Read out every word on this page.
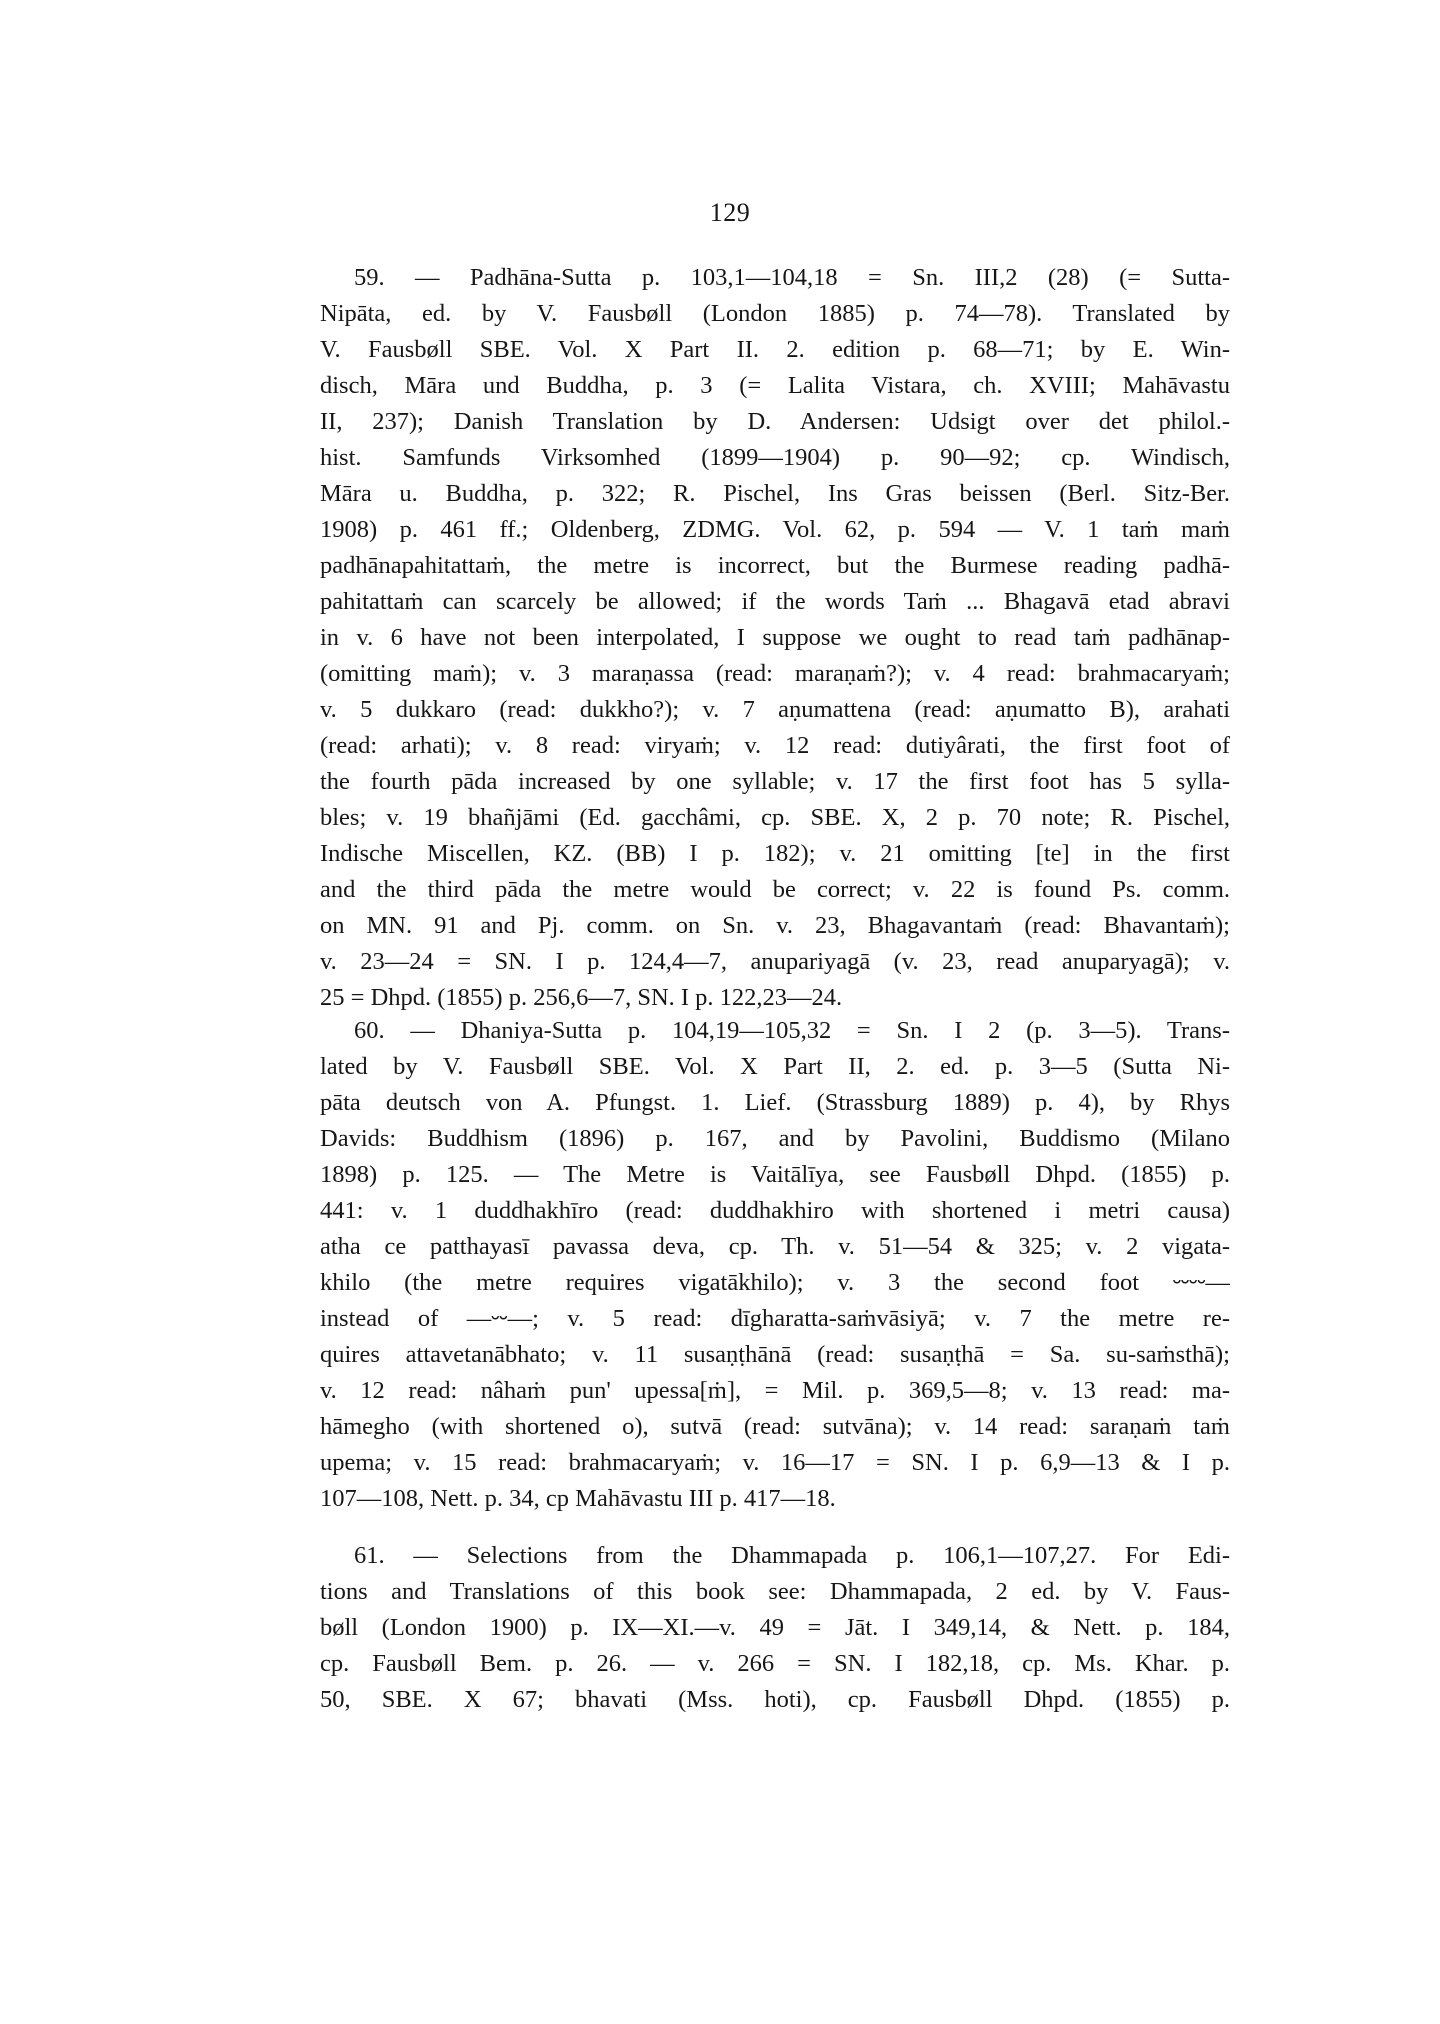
129
59. — Padhāna-Sutta p. 103,1—104,18 = Sn. III,2 (28) (= Sutta-
Nipāta, ed. by V. Fausbøll (London 1885) p. 74—78). Translated by
V. Fausbøll SBE. Vol. X Part II. 2. edition p. 68—71; by E. Win-
disch, Māra und Buddha, p. 3 (= Lalita Vistara, ch. XVIII; Mahāvastu
II, 237); Danish Translation by D. Andersen: Udsigt over det philol.-
hist. Samfunds Virksomhed (1899—1904) p. 90—92; cp. Windisch,
Māra u. Buddha, p. 322; R. Pischel, Ins Gras beissen (Berl. Sitz-Ber.
1908) p. 461 ff.; Oldenberg, ZDMG. Vol. 62, p. 594 — V. 1 taṁ maṁ
padhānapahitattaṁ, the metre is incorrect, but the Burmese reading padhā-
pahitattaṁ can scarcely be allowed; if the words Taṁ ... Bhagavā etad abravi
in v. 6 have not been interpolated, I suppose we ought to read taṁ padhānap-
(omitting maṁ); v. 3 maraṇassa (read: maraṇaṁ?); v. 4 read: brahmacaryaṁ;
v. 5 dukkaro (read: dukkho?); v. 7 aṇumattena (read: aṇumatto B), arahati
(read: arhati); v. 8 read: viryaṁ; v. 12 read: dutiyârati, the first foot of
the fourth pāda increased by one syllable; v. 17 the first foot has 5 sylla-
bles; v. 19 bhañjāmi (Ed. gacchâmi, cp. SBE. X, 2 p. 70 note; R. Pischel,
Indische Miscellen, KZ. (BB) I p. 182); v. 21 omitting [te] in the first
and the third pāda the metre would be correct; v. 22 is found Ps. comm.
on MN. 91 and Pj. comm. on Sn. v. 23, Bhagavantaṁ (read: Bhavantaṁ);
v. 23—24 = SN. I p. 124,4—7, anupariyagā (v. 23, read anuparyagā); v.
25 = Dhpd. (1855) p. 256,6—7, SN. I p. 122,23—24.
60. — Dhaniya-Sutta p. 104,19—105,32 = Sn. I 2 (p. 3—5). Trans-
lated by V. Fausbøll SBE. Vol. X Part II, 2. ed. p. 3—5 (Sutta Ni-
pāta deutsch von A. Pfungst. 1. Lief. (Strassburg 1889) p. 4), by Rhys
Davids: Buddhism (1896) p. 167, and by Pavolini, Buddismo (Milano
1898) p. 125. — The Metre is Vaitālīya, see Fausbøll Dhpd. (1855) p.
441: v. 1 duddhakhīro (read: duddhakhiro with shortened i metri causa)
atha ce patthayasī pavassa deva, cp. Th. v. 51—54 & 325; v. 2 vigata-
khilo (the metre requires vigatākhilo); v. 3 the second foot ⏑⏑⏑⏑—
instead of —⏑⏑—; v. 5 read: dīgharatta-saṁvāsiyā; v. 7 the metre re-
quires attavetanābhato; v. 11 susaṇṭhānā (read: susaṇṭhā = Sa. su-saṁsthā);
v. 12 read: nâhaṁ pun' upessa[ṁ], = Mil. p. 369,5—8; v. 13 read: ma-
hāmegho (with shortened o), sutvā (read: sutvāna); v. 14 read: saraṇaṁ taṁ
upema; v. 15 read: brahmacaryaṁ; v. 16—17 = SN. I p. 6,9—13 & I p.
107—108, Nett. p. 34, cp Mahāvastu III p. 417—18.
61. — Selections from the Dhammapada p. 106,1—107,27. For Edi-
tions and Translations of this book see: Dhammapada, 2 ed. by V. Faus-
bøll (London 1900) p. IX—XI.—v. 49 = Jāt. I 349,14, & Nett. p. 184,
cp. Fausbøll Bem. p. 26. — v. 266 = SN. I 182,18, cp. Ms. Khar. p.
50, SBE. X 67; bhavati (Mss. hoti), cp. Fausbøll Dhpd. (1855) p.
